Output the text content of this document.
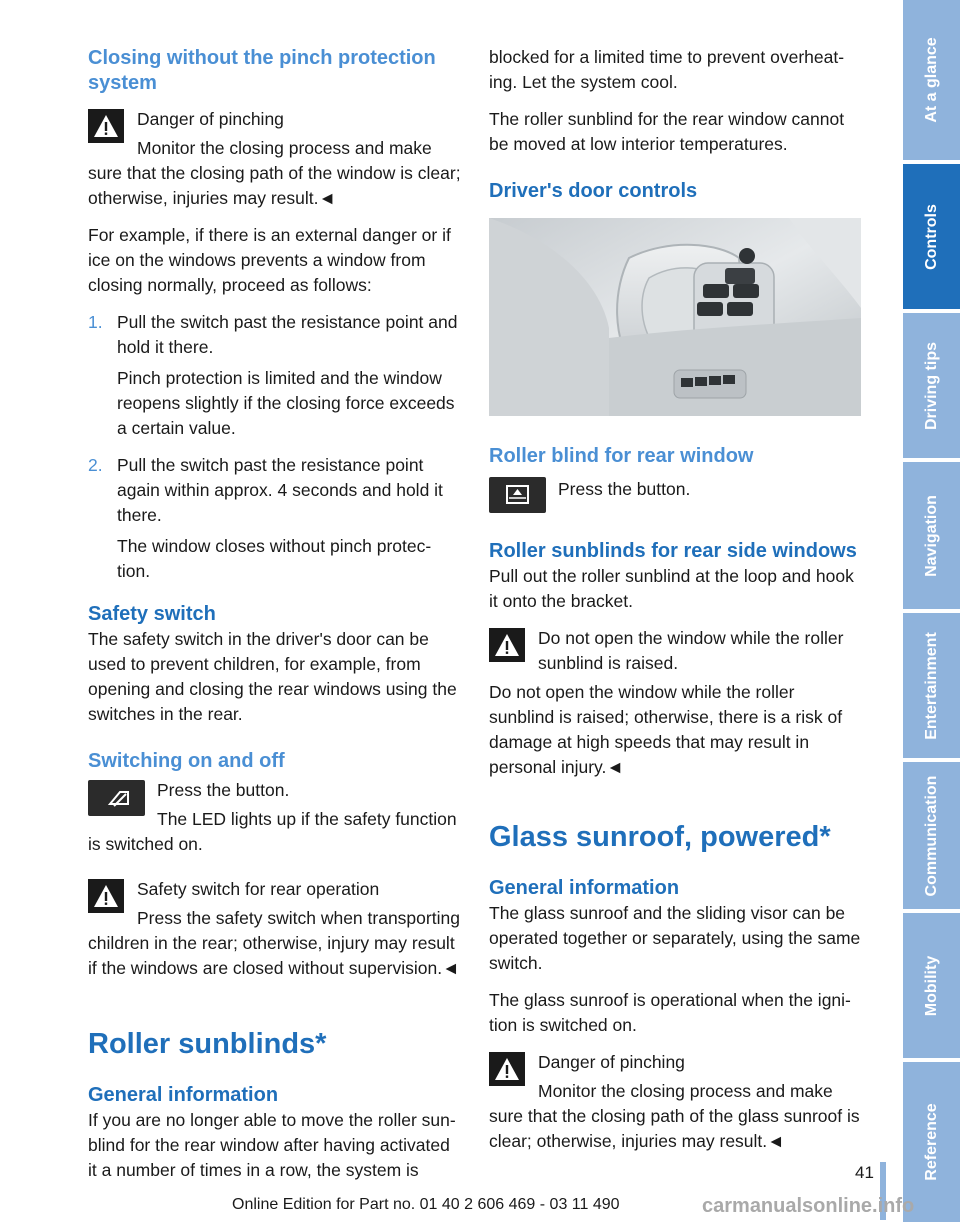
Closing without the pinch protection system
Danger of pinching
Monitor the closing process and make sure that the closing path of the window is clear; otherwise, injuries may result.◄

For example, if there is an external danger or if ice on the windows prevents a window from closing normally, proceed as follows:

1. Pull the switch past the resistance point and hold it there.

Pinch protection is limited and the window reopens slightly if the closing force exceeds a certain value.

2. Pull the switch past the resistance point again within approx. 4 seconds and hold it there.

The window closes without pinch protec- tion.

Safety switch

The safety switch in the driver's door can be used to prevent children, for example, from opening and closing the rear windows using the switches in the rear.

Switching on and off
Press the button.
The LED lights up if the safety function is switched on.
Safety switch for rear operation
Press the safety switch when transporting children in the rear; otherwise, injury may result if the windows are closed without supervision.◄
Roller sunblinds*
General information

If you are no longer able to move the roller sun- blind for the rear window after having activated it a number of times in a row, the system is

blocked for a limited time to prevent overheat- ing. Let the system cool.

The roller sunblind for the rear window cannot be moved at low interior temperatures.

Driver's door controls
Roller blind for rear window
Press the button.
Roller sunblinds for rear side windows

Pull out the roller sunblind at the loop and hook it onto the bracket.

Do not open the window while the roller sunblind is raised.
Do not open the window while the roller sunblind is raised; otherwise, there is a risk of damage at high speeds that may result in personal injury.◄
Glass sunroof, powered*
General information

The glass sunroof and the sliding visor can be operated together or separately, using the same switch.

The glass sunroof is operational when the igni- tion is switched on.

Danger of pinching
Monitor the closing process and make sure that the closing path of the glass sunroof is clear; otherwise, injuries may result.◄
At a glance
Controls
Driving tips
Navigation
Entertainment
Communication
Mobility
Reference
41
Online Edition for Part no. 01 40 2 606 469 - 03 11 490	carmanualsonline.info
